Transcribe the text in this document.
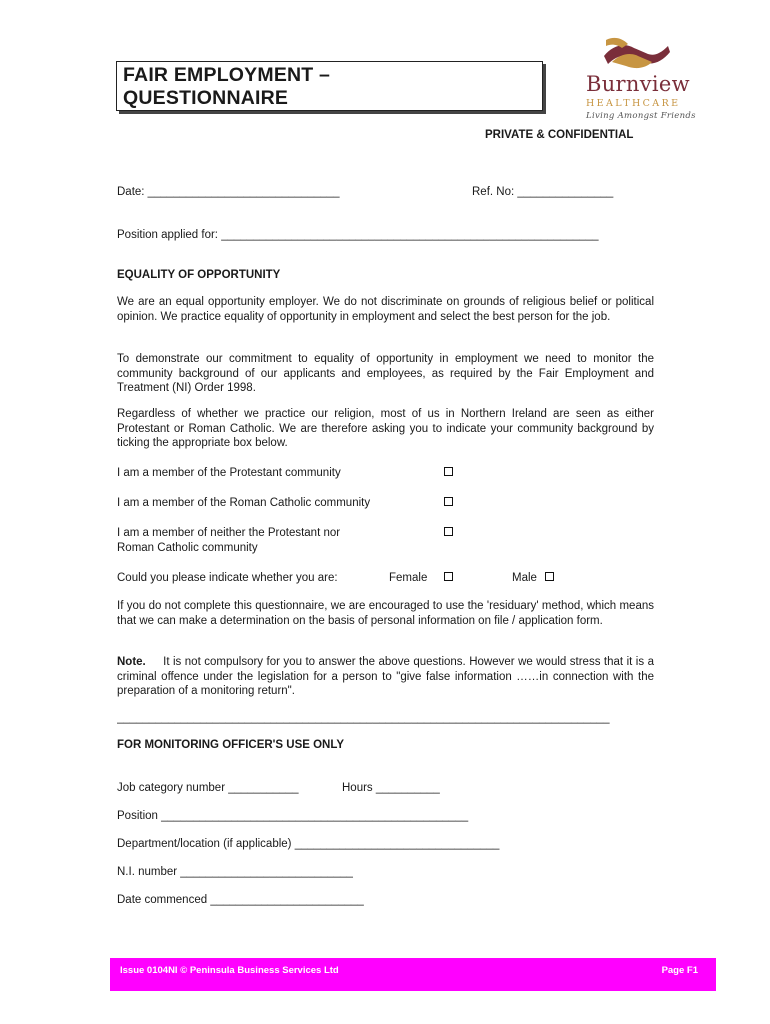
FAIR EMPLOYMENT –
QUESTIONNAIRE
Burnview
HEALTHCARE
Living Amongst Friends
PRIVATE & CONFIDENTIAL
Date: ______________________________	Ref. No: _______________
Position applied for: ___________________________________________________________
EQUALITY OF OPPORTUNITY
We are an equal opportunity employer. We do not discriminate on grounds of religious belief or political opinion. We practice equality of opportunity in employment and select the best person for the job.
To demonstrate our commitment to equality of opportunity in employment we need to monitor the community background of our applicants and employees, as required by the Fair Employment and Treatment (NI) Order 1998.
Regardless of whether we practice our religion, most of us in Northern Ireland are seen as either Protestant or Roman Catholic. We are therefore asking you to indicate your community background by ticking the appropriate box below.
I am a member of the Protestant community
I am a member of the Roman Catholic community
I am a member of neither the Protestant nor
Roman Catholic community
Could you please indicate whether you are:	Female	Male
If you do not complete this questionnaire, we are encouraged to use the 'residuary' method, which means that we can make a determination on the basis of personal information on file / application form.
Note. It is not compulsory for you to answer the above questions. However we would stress that it is a criminal offence under the legislation for a person to "give false information ……in connection with the preparation of a monitoring return".
_____________________________________________________________________________
FOR MONITORING OFFICER'S USE ONLY
Job category number ___________	Hours __________
Position ________________________________________________
Department/location (if applicable) ________________________________
N.I. number ___________________________
Date commenced ________________________
Issue 0104NI © Peninsula Business Services Ltd	Page F1
